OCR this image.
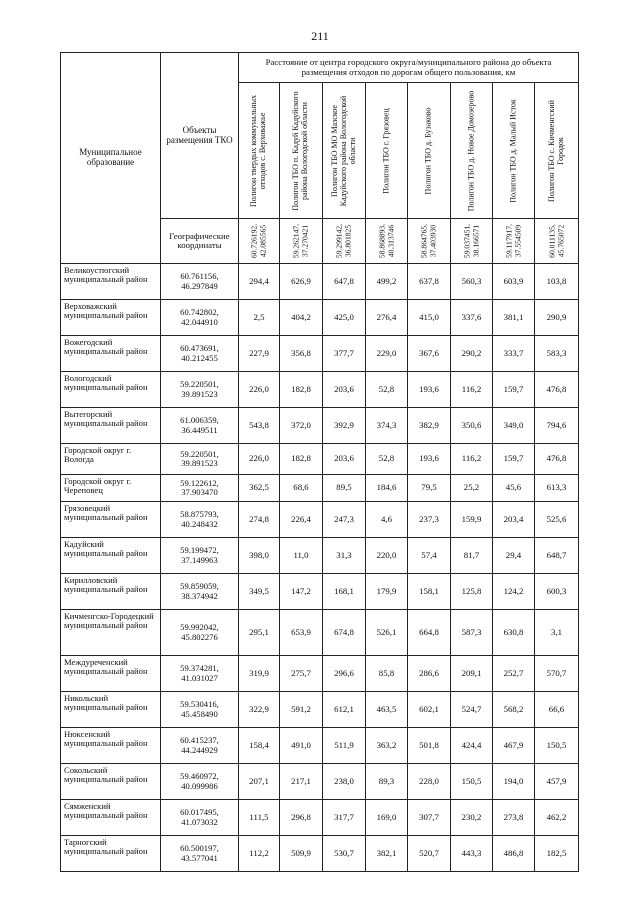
211
Муниципальное образование	Объекты размещения ТКО	Расстояние от центра городского округа/муниципального района до объекта размещения отходов по дорогам общего пользования, км							

		Полигон твердых коммунальных отходов с. Верховажье	Полигон ТБО п. Кадуй Кадуйского района Вологодской области	Полигон ТБО МО Мазское Кадуйского района Вологодской области	Полигон ТБО г. Грязовец	Полигон ТБО д. Бузаково	Полигон ТБО д. Новое Домозерово	Полигон ТБО д. Малый Исток	Полигон ТБО с. Кичменгский Городок

	Географические координаты	60.726192, 42.085565	59.262147, 37.270421	59.299142, 36.801825	58.868893, 40.313746	58.864765, 37.403930	59.037451, 38.166571	59.117917, 37.554509	60.011135, 45.765072

Великоустюгский муниципальный район	60.761156, 46.297849	294,4	626,9	647,8	499,2	637,8	560,3	603,9	103,8
Верховажский муниципальный район	60.742802, 42.044910	2,5	404,2	425,0	276,4	415,0	337,6	381,1	290,9
Вожегодский муниципальный район	60.473691, 40.212455	227,9	356,8	377,7	229,0	367,6	290,2	333,7	583,3
Вологодский муниципальный район	59.220501, 39.891523	226,0	182,8	203,6	52,8	193,6	116,2	159,7	476,8
Вытегорский муниципальный район	61.006359, 36.449511	543,8	372,0	392,9	374,3	382,9	350,6	349,0	794,6
Городской округ г. Вологда	59.220501, 39.891523	226,0	182,8	203,6	52,8	193,6	116,2	159,7	476,8
Городской округ г. Череповец	59.122612, 37.903470	362,5	68,6	89,5	184,6	79,5	25,2	45,6	613,3
Грязовецкий муниципальный район	58.875793, 40.248432	274,8	226,4	247,3	4,6	237,3	159,9	203,4	525,6
Кадуйский муниципальный район	59.199472, 37.149963	398,0	11,0	31,3	220,0	57,4	81,7	29,4	648,7
Кирилловский муниципальный район	59.859059, 38.374942	349,5	147,2	168,1	179,9	158,1	125,8	124,2	600,3
Кичменгско-Городецкий муниципальный район	59.992042, 45.802276	295,1	653,9	674,8	526,1	664,8	587,3	630,8	3,1
Междуреченский муниципальный район	59.374281, 41.031027	319,9	275,7	296,6	85,8	286,6	209,1	252,7	570,7
Никольский муниципальный район	59.530416, 45.458490	322,9	591,2	612,1	463,5	602,1	524,7	568,2	66,6
Нюксенский муниципальный район	60.415237, 44.244929	158,4	491,0	511,9	363,2	501,8	424,4	467,9	150,5
Сокольский муниципальный район	59.460972, 40.099986	207,1	217,1	238,0	89,3	228,0	150,5	194,0	457,9
Сямженский муниципальный район	60.017495, 41.073032	111,5	296,8	317,7	169,0	307,7	230,2	273,8	462,2
Тарногский муниципальный район	60.500197, 43.577041	112,2	509,9	530,7	382,1	520,7	443,3	486,8	182,5
